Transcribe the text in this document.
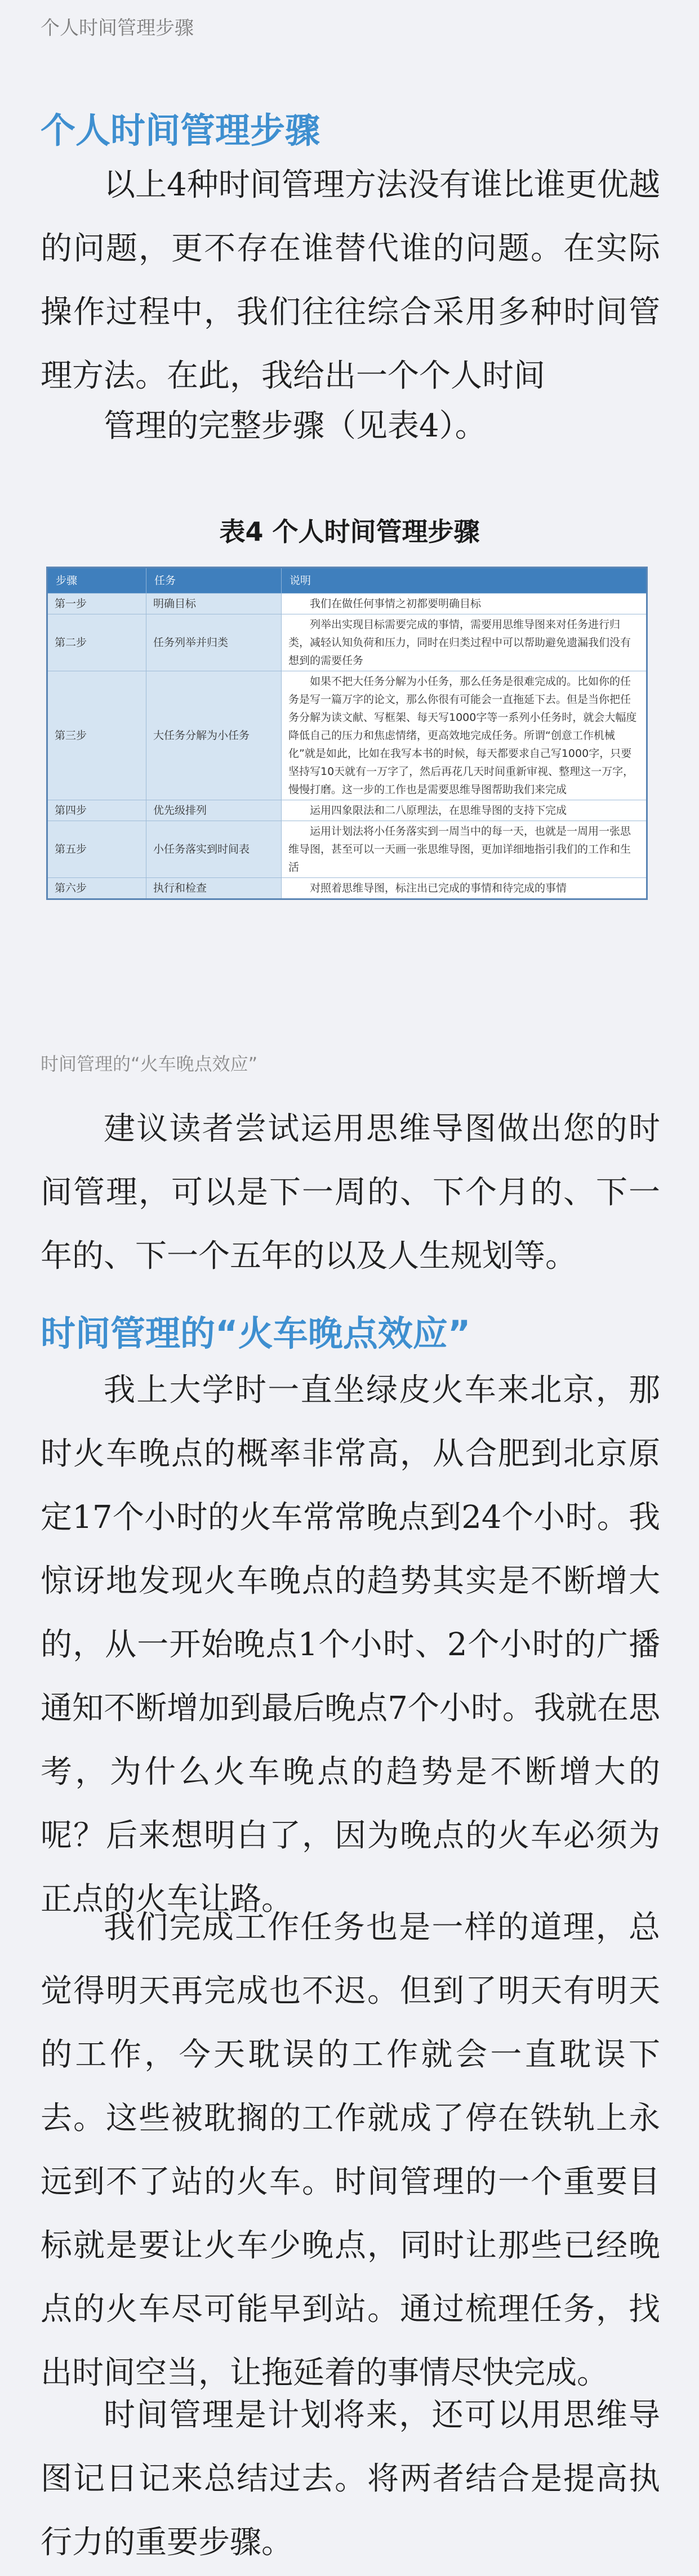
个人时间管理步骤
个人时间管理步骤

以上4种时间管理方法没有谁比谁更优越的问题，更不存在谁替代谁的问题。在实际操作过程中，我们往往综合采用多种时间管理方法。在此，我给出一个个人时间

管理的完整步骤（见表4）。

表4 个人时间管理步骤
步骤	任务	说明
第一步	明确目标	我们在做任何事情之初都要明确目标
第二步	任务列举并归类	列举出实现目标需要完成的事情，需要用思维导图来对任务进行归类，减轻认知负荷和压力，同时在归类过程中可以帮助避免遗漏我们没有想到的需要任务
第三步	大任务分解为小任务	如果不把大任务分解为小任务，那么任务是很难完成的。比如你的任务是写一篇万字的论文，那么你很有可能会一直拖延下去。但是当你把任务分解为读文献、写框架、每天写1000字等一系列小任务时，就会大幅度降低自己的压力和焦虑情绪，更高效地完成任务。所谓“创意工作机械化”就是如此，比如在我写本书的时候，每天都要求自己写1000字，只要坚持写10天就有一万字了，然后再花几天时间重新审视、整理这一万字，慢慢打磨。这一步的工作也是需要思维导图帮助我们来完成
第四步	优先级排列	运用四象限法和二八原理法，在思维导图的支持下完成
第五步	小任务落实到时间表	运用计划法将小任务落实到一周当中的每一天，也就是一周用一张思维导图，甚至可以一天画一张思维导图，更加详细地指引我们的工作和生活
第六步	执行和检查	对照着思维导图，标注出已完成的事情和待完成的事情
时间管理的“火车晚点效应”

建议读者尝试运用思维导图做出您的时间管理，可以是下一周的、下个月的、下一年的、下一个五年的以及人生规划等。

时间管理的“火车晚点效应”

我上大学时一直坐绿皮火车来北京，那时火车晚点的概率非常高，从合肥到北京原定17个小时的火车常常晚点到24个小时。我惊讶地发现火车晚点的趋势其实是不断增大的，从一开始晚点1个小时、2个小时的广播通知不断增加到最后晚点7个小时。我就在思考，为什么火车晚点的趋势是不断增大的呢？后来想明白了，因为晚点的火车必须为正点的火车让路。

我们完成工作任务也是一样的道理，总觉得明天再完成也不迟。但到了明天有明天的工作，今天耽误的工作就会一直耽误下去。这些被耽搁的工作就成了停在铁轨上永远到不了站的火车。时间管理的一个重要目标就是要让火车少晚点，同时让那些已经晚点的火车尽可能早到站。通过梳理任务，找出时间空当，让拖延着的事情尽快完成。

时间管理是计划将来，还可以用思维导图记日记来总结过去。将两者结合是提高执行力的重要步骤。
